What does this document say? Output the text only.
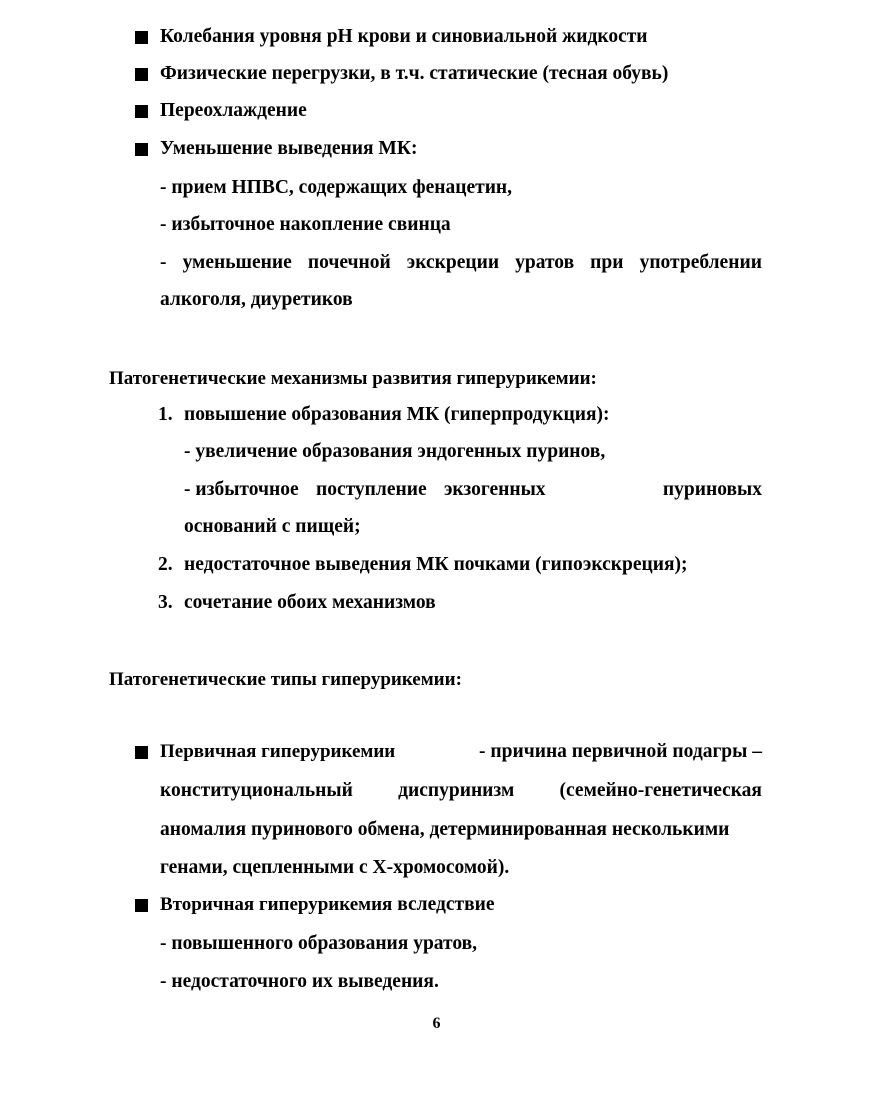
Колебания уровня рН крови и синовиальной жидкости
Физические перегрузки, в т.ч. статические (тесная обувь)
Переохлаждение
Уменьшение выведения МК:
- прием НПВС, содержащих фенацетин,
- избыточное накопление свинца
- уменьшение почечной экскреции уратов при употреблении
алкоголя, диуретиков
Патогенетические механизмы развития гиперурикемии:
1. повышение образования МК (гиперпродукция):
- увеличение образования эндогенных пуринов,
- избыточное поступление экзогенных	пуриновых
оснований с пищей;
2. недостаточное выведения МК почками (гипоэкскреция);
3. сочетание обоих механизмов
Патогенетические типы гиперурикемии:
Первичная гиперурикемии	- причина первичной подагры –
конституциональный диспуринизм (семейно-генетическая
аномалия пуринового обмена, детерминированная несколькими
генами, сцепленными с Х-хромосомой).
Вторичная гиперурикемия вследствие
- повышенного образования уратов,
- недостаточного их выведения.
6
